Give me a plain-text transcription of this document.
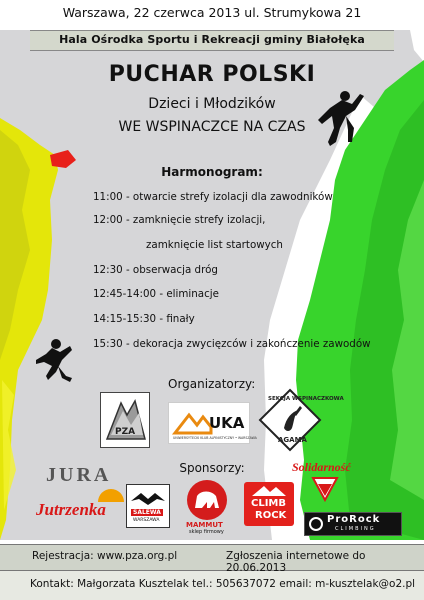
Warszawa, 22 czerwca 2013 ul. Strumykowa 21
Hala Ośrodka Sportu i Rekreacji gminy Białołęka
PUCHAR POLSKI
Dzieci i Młodzików
WE WSPINACZCE NA CZAS
Harmonogram:
11:00 - otwarcie strefy izolacji dla zawodników
12:00 - zamknięcie strefy izolacji,
zamknięcie list startowych
12:30 - obserwacja dróg
12:45-14:00 - eliminacje
14:15-15:30 - finały
15:30 - dekoracja zwycięzców i zakończenie zawodów
Organizatorzy:
PZA	UKA
UNIWERSYTECKI KLUB ALPINISTYCZNY • WARSZAWA
SEKCJA WSPINACZKOWA
AGAMA
Sponsorzy:
JURA
Jutrzenka	SALEWA
WARSZAWA
MAMMUT
sklep firmowy
CLIMB
ROCK
Solidarność
ProRock
CLIMBING
Rejestracja: www.pza.org.pl	Zgłoszenia internetowe do 20.06.2013
Kontakt: Małgorzata Kusztelak tel.: 505637072 email: m-kusztelak@o2.pl
